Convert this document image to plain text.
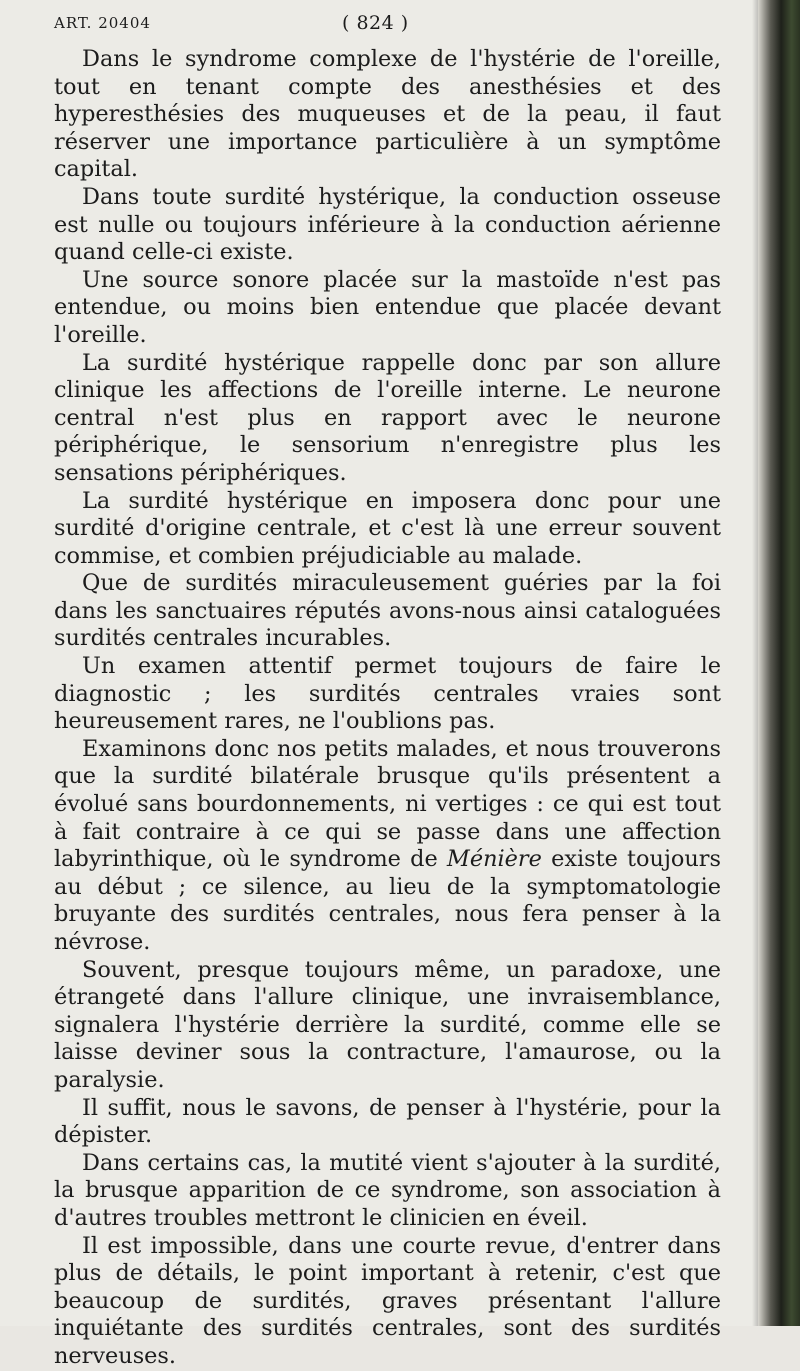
ART. 20404	( 824 )

Dans le syndrome complexe de l'hystérie de l'oreille, tout en tenant compte des anesthésies et des hyperesthésies des muqueuses et de la peau, il faut réserver une importance particulière à un symptôme capital.

Dans toute surdité hystérique, la conduction osseuse est nulle ou toujours inférieure à la conduction aérienne quand celle-ci existe.

Une source sonore placée sur la mastoïde n'est pas entendue, ou moins bien entendue que placée devant l'oreille.

La surdité hystérique rappelle donc par son allure clinique les affections de l'oreille interne. Le neurone central n'est plus en rapport avec le neurone périphérique, le sensorium n'enregistre plus les sensations périphériques.

La surdité hystérique en imposera donc pour une surdité d'origine centrale, et c'est là une erreur souvent commise, et combien préjudiciable au malade.

Que de surdités miraculeusement guéries par la foi dans les sanctuaires réputés avons-nous ainsi cataloguées surdités centrales incurables.

Un examen attentif permet toujours de faire le diagnostic ; les surdités centrales vraies sont heureusement rares, ne l'oublions pas.

Examinons donc nos petits malades, et nous trouverons que la surdité bilatérale brusque qu'ils présentent a évolué sans bourdonnements, ni vertiges : ce qui est tout à fait contraire à ce qui se passe dans une affection labyrinthique, où le syndrome de Ménière existe toujours au début ; ce silence, au lieu de la symptomatologie bruyante des surdités centrales, nous fera penser à la névrose.

Souvent, presque toujours même, un paradoxe, une étrangeté dans l'allure clinique, une invraisemblance, signalera l'hystérie derrière la surdité, comme elle se laisse deviner sous la contracture, l'amaurose, ou la paralysie.

Il suffit, nous le savons, de penser à l'hystérie, pour la dépister.

Dans certains cas, la mutité vient s'ajouter à la surdité, la brusque apparition de ce syndrome, son association à d'autres troubles mettront le clinicien en éveil.

Il est impossible, dans une courte revue, d'entrer dans plus de détails, le point important à retenir, c'est que beaucoup de surdités, graves présentant l'allure inquiétante des surdités centrales, sont des surdités nerveuses.
